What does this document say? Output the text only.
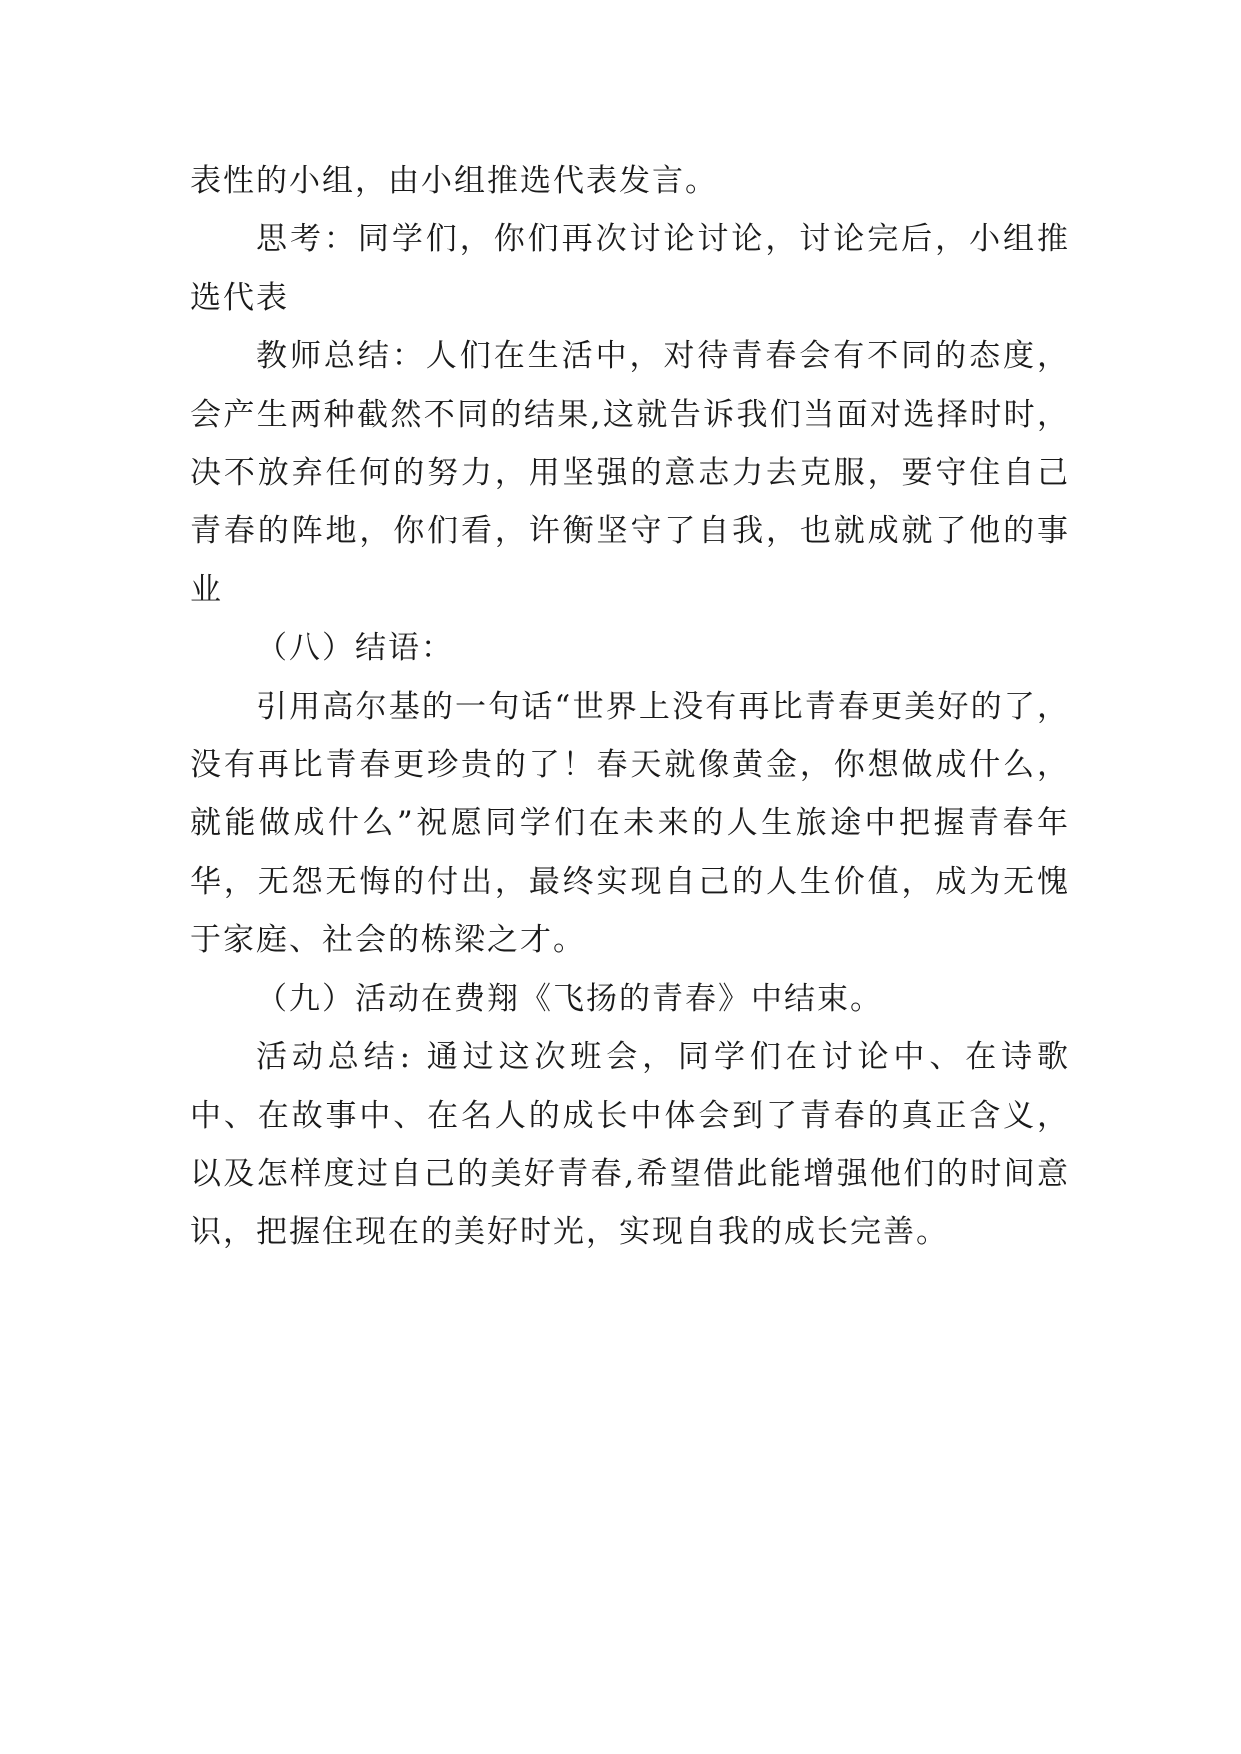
表性的小组，由小组推选代表发言。

思考：同学们，你们再次讨论讨论，讨论完后，小组推选代表

教师总结：人们在生活中，对待青春会有不同的态度，会产生两种截然不同的结果,这就告诉我们当面对选择时时，决不放弃任何的努力，用坚强的意志力去克服，要守住自己青春的阵地，你们看，许衡坚守了自我，也就成就了他的事业

（八）结语：

引用高尔基的一句话“世界上没有再比青春更美好的了，没有再比青春更珍贵的了！春天就像黄金，你想做成什么，就能做成什么”祝愿同学们在未来的人生旅途中把握青春年华，无怨无悔的付出，最终实现自己的人生价值，成为无愧于家庭、社会的栋梁之才。

（九）活动在费翔《飞扬的青春》中结束。

活动总结: 通过这次班会，同学们在讨论中、在诗歌中、在故事中、在名人的成长中体会到了青春的真正含义，以及怎样度过自己的美好青春,希望借此能增强他们的时间意识，把握住现在的美好时光，实现自我的成长完善。
